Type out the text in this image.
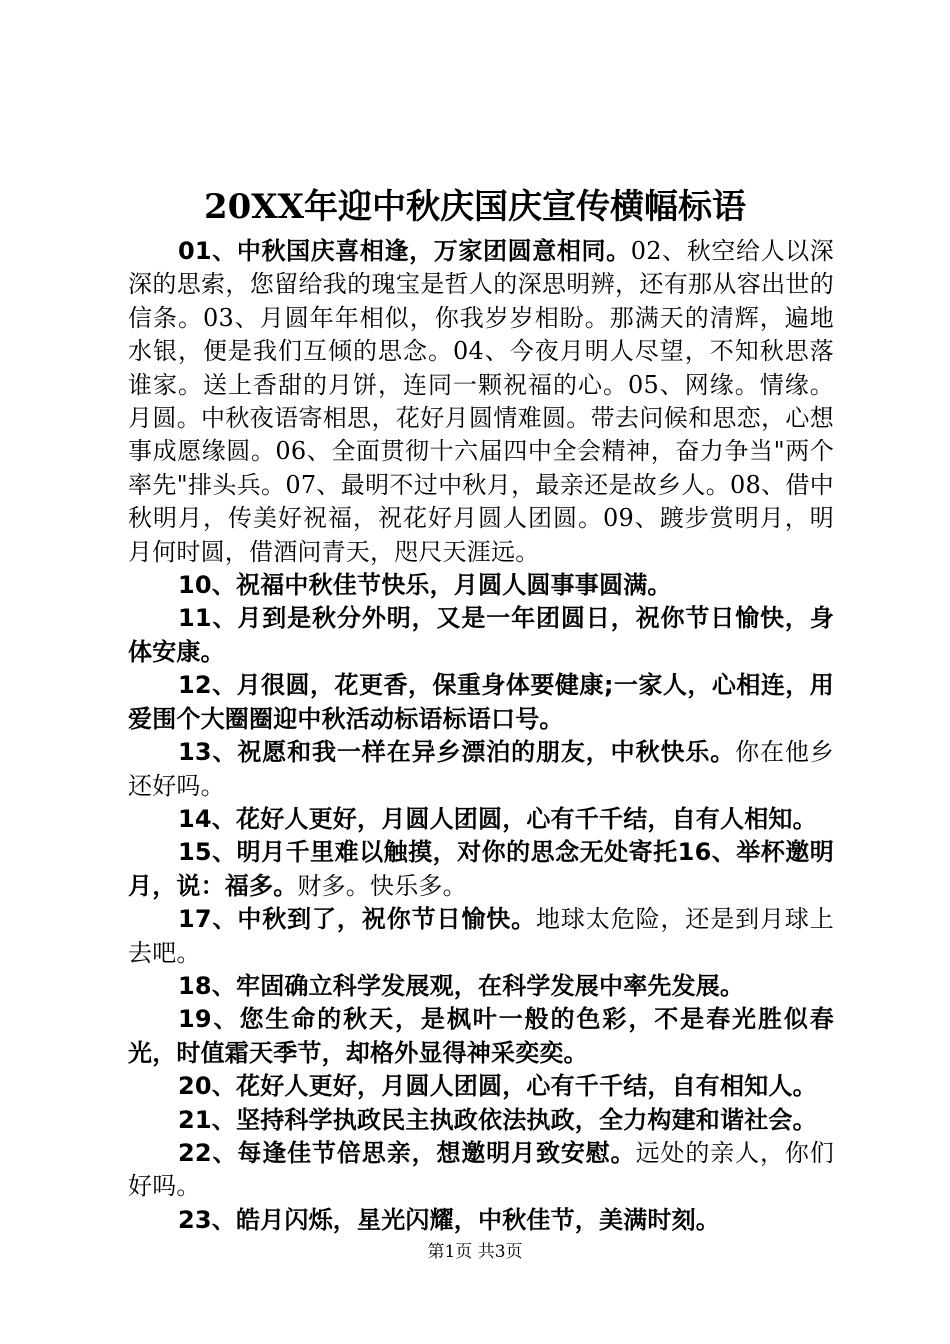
20XX年迎中秋庆国庆宣传横幅标语

01、中秋国庆喜相逢，万家团圆意相同。02、秋空给人以深深的思索，您留给我的瑰宝是哲人的深思明辨，还有那从容出世的信条。03、月圆年年相似，你我岁岁相盼。那满天的清辉，遍地水银，便是我们互倾的思念。04、今夜月明人尽望，不知秋思落谁家。送上香甜的月饼，连同一颗祝福的心。05、网缘。情缘。月圆。中秋夜语寄相思，花好月圆情难圆。带去问候和思恋，心想事成愿缘圆。06、全面贯彻十六届四中全会精神，奋力争当"两个率先"排头兵。07、最明不过中秋月，最亲还是故乡人。08、借中秋明月，传美好祝福，祝花好月圆人团圆。09、踱步赏明月，明月何时圆，借酒问青天，咫尺天涯远。

10、祝福中秋佳节快乐，月圆人圆事事圆满。

11、月到是秋分外明，又是一年团圆日，祝你节日愉快，身体安康。

12、月很圆，花更香，保重身体要健康;一家人，心相连，用爱围个大圈圈迎中秋活动标语标语口号。

13、祝愿和我一样在异乡漂泊的朋友，中秋快乐。你在他乡还好吗。

14、花好人更好，月圆人团圆，心有千千结，自有人相知。

15、明月千里难以触摸，对你的思念无处寄托16、举杯邀明月，说：福多。财多。快乐多。

17、中秋到了，祝你节日愉快。地球太危险，还是到月球上去吧。

18、牢固确立科学发展观，在科学发展中率先发展。

19、您生命的秋天，是枫叶一般的色彩，不是春光胜似春光，时值霜天季节，却格外显得神采奕奕。

20、花好人更好，月圆人团圆，心有千千结，自有相知人。

21、坚持科学执政民主执政依法执政，全力构建和谐社会。

22、每逢佳节倍思亲，想邀明月致安慰。远处的亲人，你们好吗。

23、皓月闪烁，星光闪耀，中秋佳节，美满时刻。

第1页 共3页
